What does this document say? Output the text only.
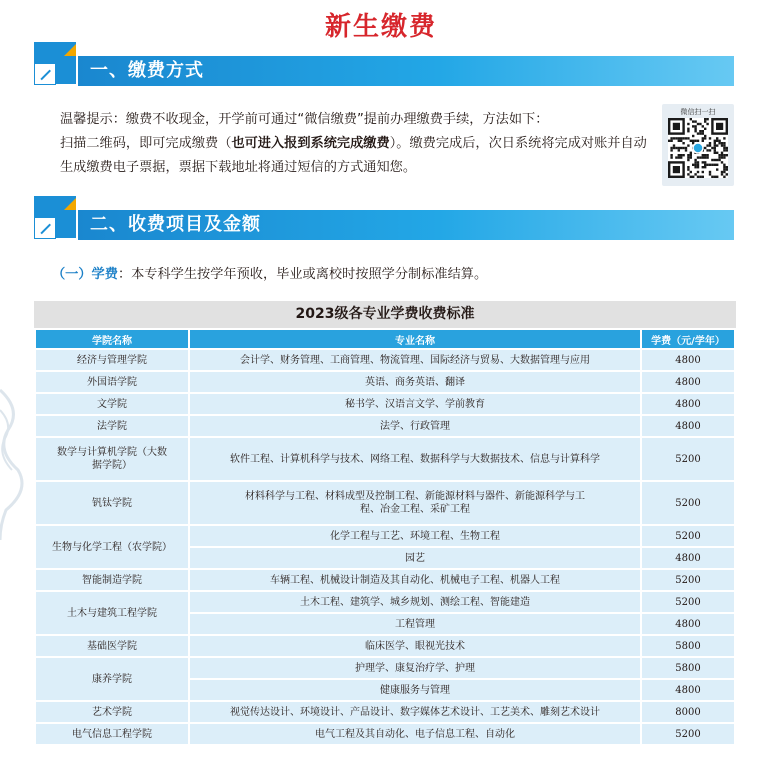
新生缴费
一、缴费方式

温馨提示：缴费不收现金，开学前可通过“微信缴费”提前办理缴费手续，方法如下：

扫描二维码，即可完成缴费（也可进入报到系统完成缴费）。缴费完成后，次日系统将完成对账并自动生成缴费电子票据，票据下载地址将通过短信的方式通知您。

微信扫一扫
二、收费项目及金额
（一）学费：本专科学生按学年预收，毕业或离校时按照学分制标准结算。
2023级各专业学费收费标准
学院名称	专业名称	学费（元/学年）
经济与管理学院	会计学、财务管理、工商管理、物流管理、国际经济与贸易、大数据管理与应用	4800
外国语学院	英语、商务英语、翻译	4800
文学院	秘书学、汉语言文学、学前教育	4800
法学院	法学、行政管理	4800
数学与计算机学院（大数据学院）	软件工程、计算机科学与技术、网络工程、数据科学与大数据技术、信息与计算科学	5200
钒钛学院	材料科学与工程、材料成型及控制工程、新能源材料与器件、新能源科学与工程、冶金工程、采矿工程	5200
生物与化学工程（农学院）	化学工程与工艺、环境工程、生物工程	5200
	园艺	4800
智能制造学院	车辆工程、机械设计制造及其自动化、机械电子工程、机器人工程	5200
土木与建筑工程学院	土木工程、建筑学、城乡规划、测绘工程、智能建造	5200
	工程管理	4800
基础医学院	临床医学、眼视光技术	5800
康养学院	护理学、康复治疗学、护理	5800
	健康服务与管理	4800
艺术学院	视觉传达设计、环境设计、产品设计、数字媒体艺术设计、工艺美术、雕刻艺术设计	8000
电气信息工程学院	电气工程及其自动化、电子信息工程、自动化	5200
